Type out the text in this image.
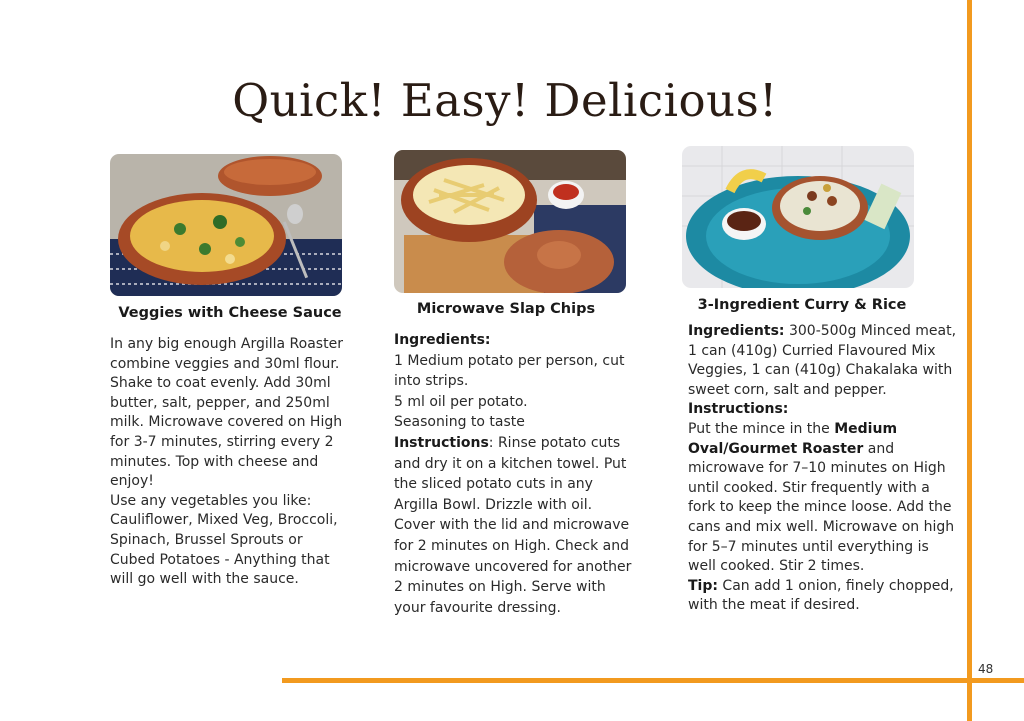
48
Quick! Easy! Delicious!
Veggies with Cheese Sauce

In any big enough Argilla Roaster combine veggies and 30ml flour. Shake to coat evenly. Add 30ml butter, salt, pepper, and 250ml milk. Microwave covered on High for 3-7 minutes, stirring every 2 minutes. Top with cheese and enjoy!

Use any vegetables you like: Cauliflower, Mixed Veg, Broccoli, Spinach, Brussel Sprouts or Cubed Potatoes - Anything that will go well with the sauce.

Microwave Slap Chips

Ingredients:

1 Medium potato per person, cut into strips.

5 ml oil per potato.

Seasoning to taste

Instructions: Rinse potato cuts and dry it on a kitchen towel. Put the sliced potato cuts in any Argilla Bowl. Drizzle with oil. Cover with the lid and microwave for 2 minutes on High. Check and microwave uncovered for another 2 minutes on High. Serve with your favourite dressing.

3-Ingredient Curry & Rice

Ingredients: 300-500g Minced meat, 1 can (410g) Curried Flavoured Mix Veggies, 1 can (410g) Chakalaka with sweet corn, salt and pepper.

Instructions:

Put the mince in the Medium Oval/Gourmet Roaster and microwave for 7–10 minutes on High until cooked. Stir frequently with a fork to keep the mince loose. Add the cans and mix well. Microwave on high for 5–7 minutes until everything is well cooked. Stir 2 times.

Tip: Can add 1 onion, finely chopped, with the meat if desired.
